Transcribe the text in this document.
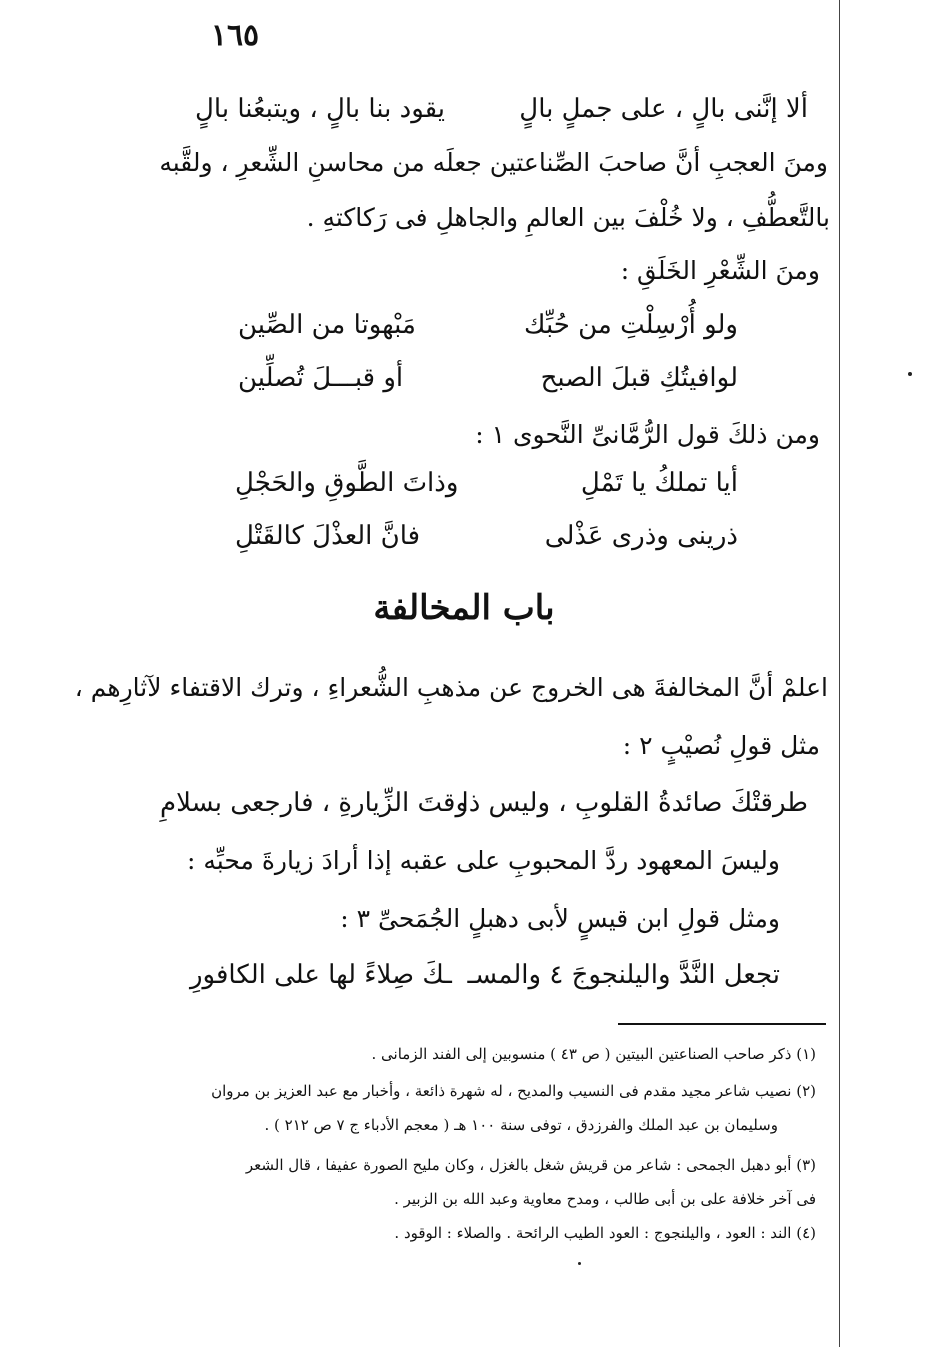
١٦٥
ألا إنَّنى بالٍ ، على جملٍ بالٍ
يقود بنا بالٍ ، ويتبعُنا بالٍ
ومنَ العجبِ أنَّ صاحبَ الصِّناعتين جعلَه من محاسنِ الشِّعرِ ، ولقَّبه
بالتَّعطُّفِ ، ولا خُلْفَ بين العالمِ والجاهلِ فى رَكاكتهِ .
ومنَ الشِّعْرِ الخَلَقِ :
ولو أُرْسِلْتِ من حُبِّك
مَبْهوتا من الصِّين
لوافيتُكِ قبلَ الصبح
أو قبـــلَ تُصلِّين
ومن ذلكَ قول الرُّمَّانىِّ النَّحوى ١ :
أيا تملكُ يا تَمْلِ
وذاتَ الطَّوقِ والحَجْلِ
ذرينى وذرى عَذْلى
فانَّ العذْلَ كالقَتْلِ
باب المخالفة
اعلمْ أنَّ المخالفةَ هى الخروج عن مذهبِ الشُّعراءِ ، وترك الاقتفاء لآثارِهم ،
مثل قولِ نُصيْبٍ ٢ :
طرقتْكَ صائدةُ القلوبِ ، وليس ذا
وقتَ الزِّيارةِ ، فارجعى بسلامِ
وليسَ المعهود ردَّ المحبوبِ على عقبه إذا أرادَ زيارةَ محبِّه :
ومثل قولِ ابن قيسٍ لأبى دهبلٍ الجُمَحىِّ ٣ :
تجعل النَّدَّ والیلنجوجَ ٤ والمسـ
ـكَ صِلاءً لها على الكافورِ
(١) ذكر صاحب الصناعتين البيتين ( ص ٤٣ ) منسوبين إلى الفند الزمانى .
(٢) نصيب شاعر مجيد مقدم فى النسيب والمديح ، له شهرة ذائعة ، وأخبار مع عبد العزيز بن مروان
وسليمان بن عبد الملك والفرزدق ، توفى سنة ١٠٠ هـ ( معجم الأدباء ج ٧ ص ٢١٢ ) .
(٣) أبو دهبل الجمحى : شاعر من قريش شغل بالغزل ، وكان مليح الصورة عفيفا ، قال الشعر
فى آخر خلافة على بن أبى طالب ، ومدح معاوية وعبد الله بن الزبير .
(٤) الند : العود ، واليلنجوج : العود الطيب الرائحة . والصلاء : الوقود .
